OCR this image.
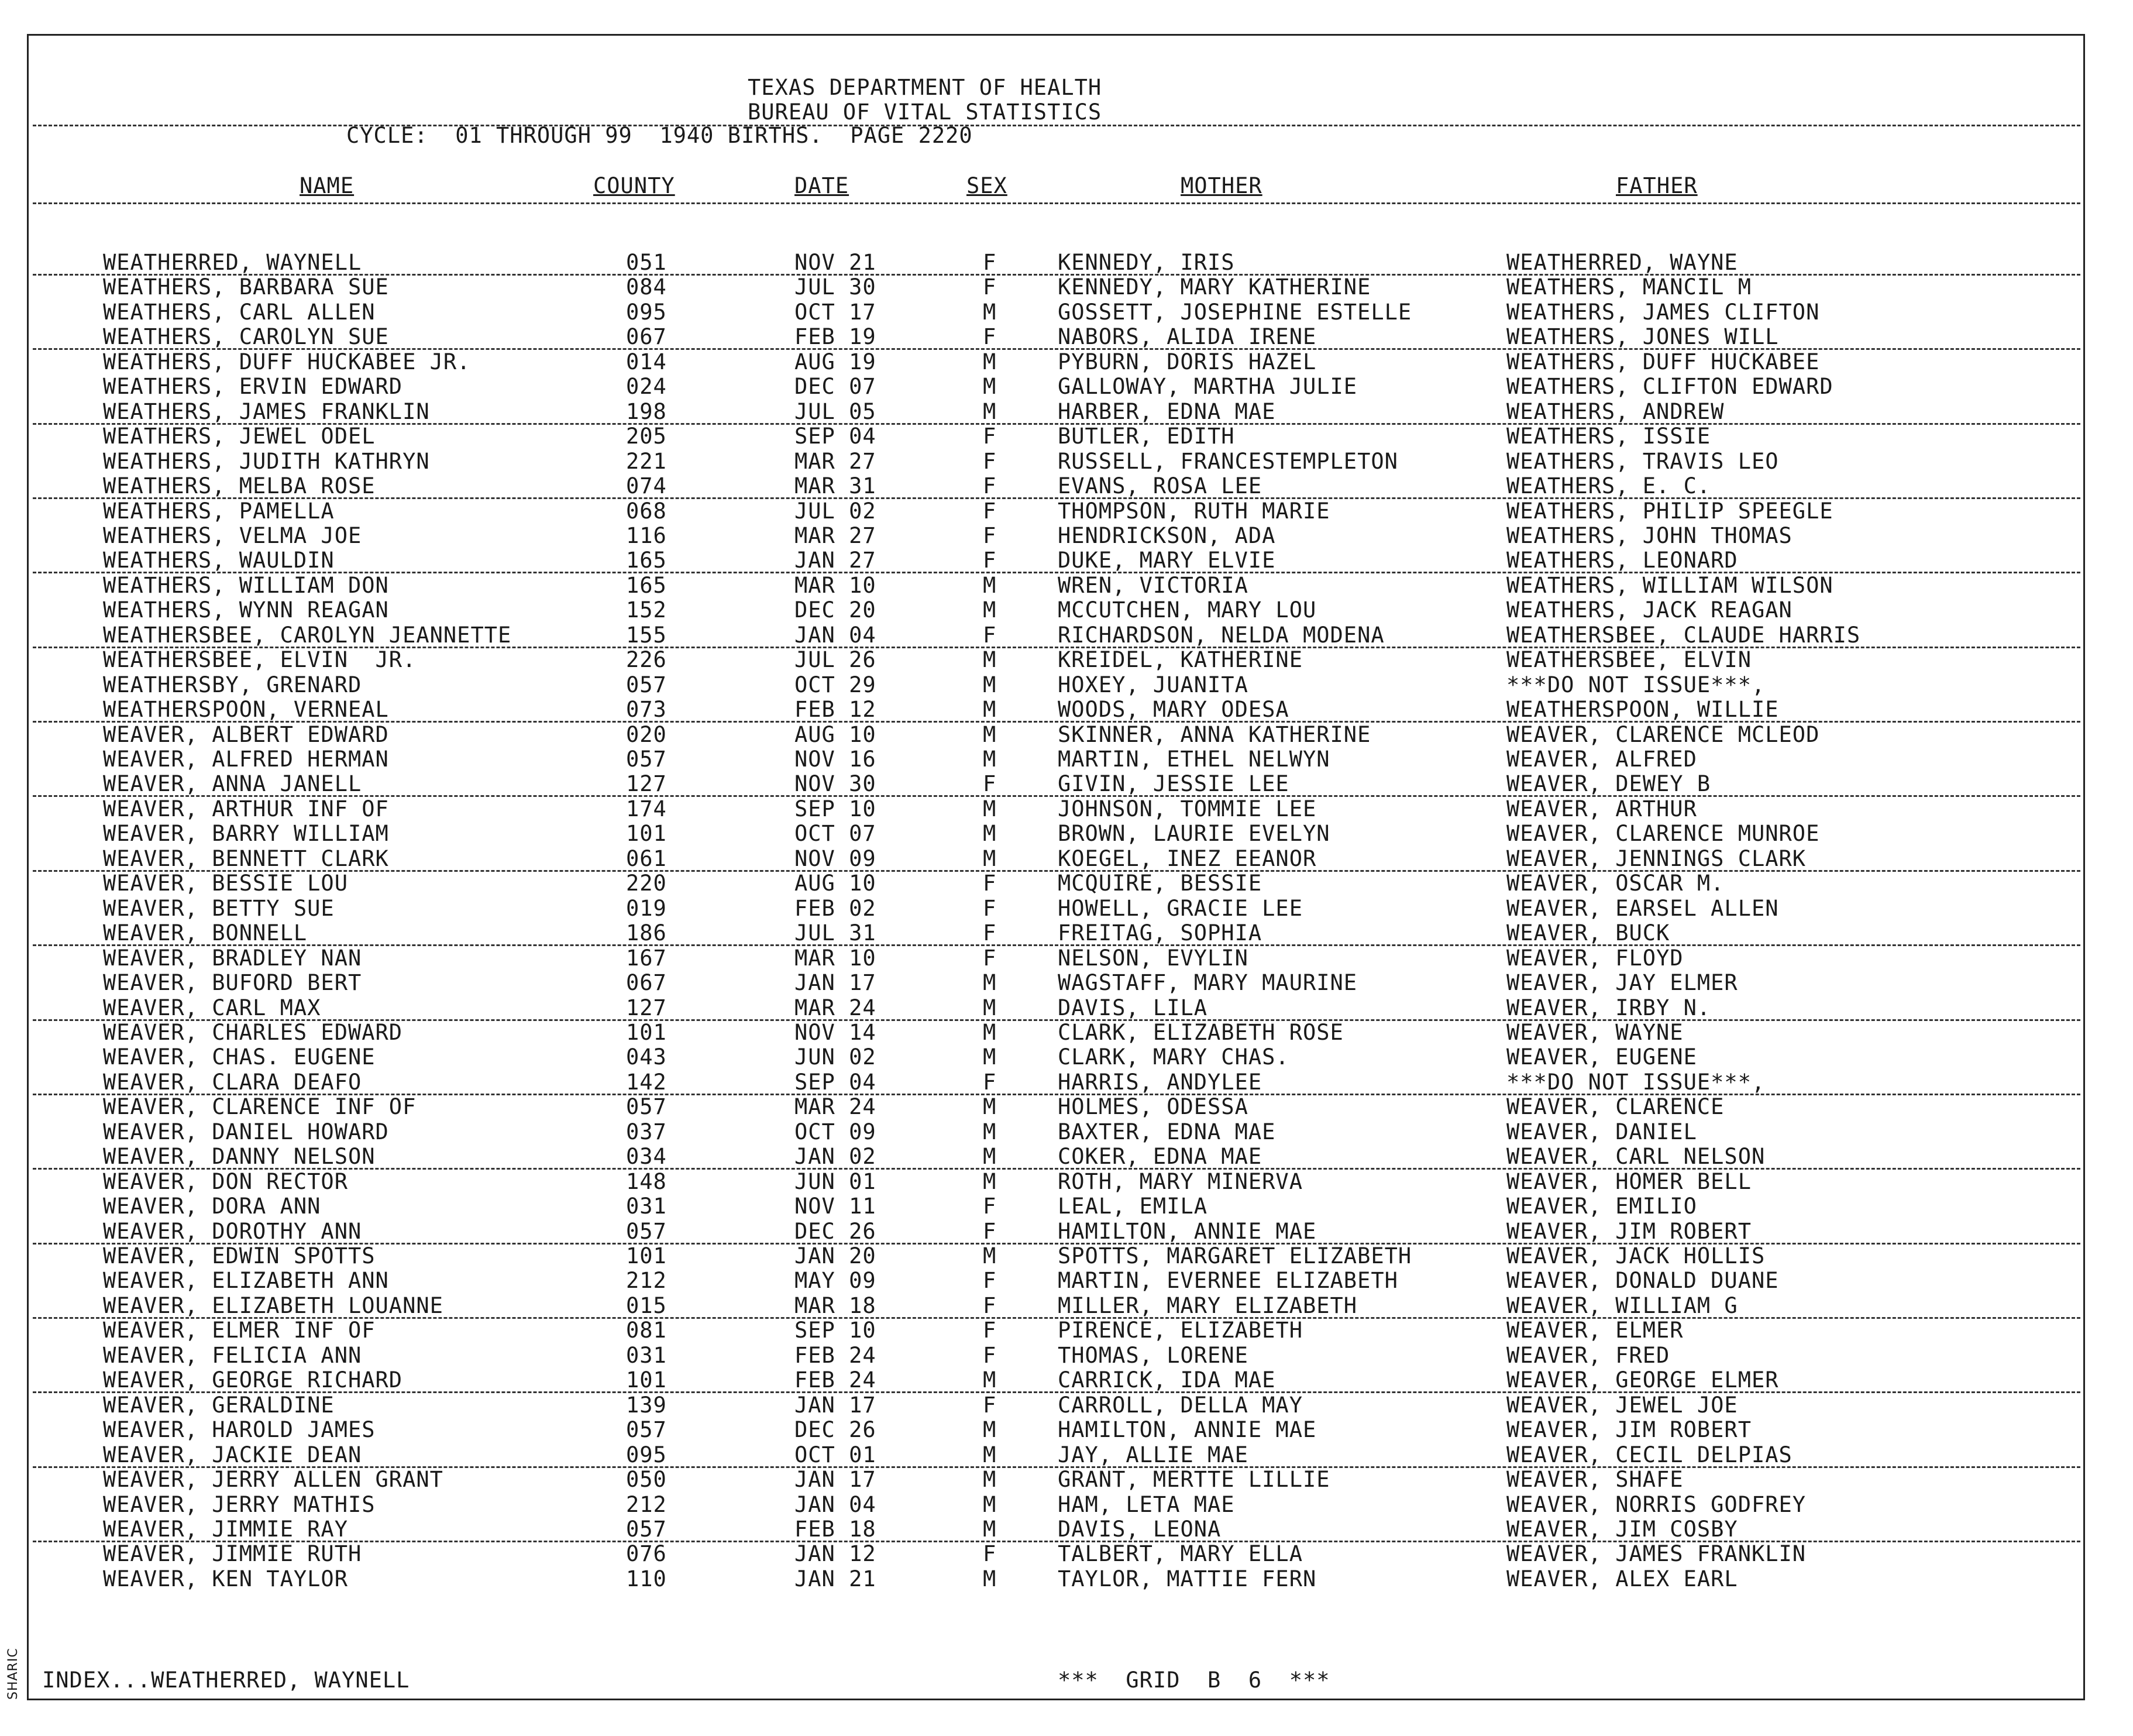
SHARIC
TEXAS DEPARTMENT OF HEALTH
BUREAU OF VITAL STATISTICS
CYCLE:  01 THROUGH 99  1940 BIRTHS.  PAGE 2220
NAME	COUNTY	DATE	SEX	MOTHER	FATHER
WEATHERRED, WAYNELL	051	NOV 21	F	KENNEDY, IRIS	WEATHERRED, WAYNE
WEATHERS, BARBARA SUE	084	JUL 30	F	KENNEDY, MARY KATHERINE	WEATHERS, MANCIL M
WEATHERS, CARL ALLEN	095	OCT 17	M	GOSSETT, JOSEPHINE ESTELLE	WEATHERS, JAMES CLIFTON
WEATHERS, CAROLYN SUE	067	FEB 19	F	NABORS, ALIDA IRENE	WEATHERS, JONES WILL
WEATHERS, DUFF HUCKABEE JR.	014	AUG 19	M	PYBURN, DORIS HAZEL	WEATHERS, DUFF HUCKABEE
WEATHERS, ERVIN EDWARD	024	DEC 07	M	GALLOWAY, MARTHA JULIE	WEATHERS, CLIFTON EDWARD
WEATHERS, JAMES FRANKLIN	198	JUL 05	M	HARBER, EDNA MAE	WEATHERS, ANDREW
WEATHERS, JEWEL ODEL	205	SEP 04	F	BUTLER, EDITH	WEATHERS, ISSIE
WEATHERS, JUDITH KATHRYN	221	MAR 27	F	RUSSELL, FRANCESTEMPLETON	WEATHERS, TRAVIS LEO
WEATHERS, MELBA ROSE	074	MAR 31	F	EVANS, ROSA LEE	WEATHERS, E. C.
WEATHERS, PAMELLA	068	JUL 02	F	THOMPSON, RUTH MARIE	WEATHERS, PHILIP SPEEGLE
WEATHERS, VELMA JOE	116	MAR 27	F	HENDRICKSON, ADA	WEATHERS, JOHN THOMAS
WEATHERS, WAULDIN	165	JAN 27	F	DUKE, MARY ELVIE	WEATHERS, LEONARD
WEATHERS, WILLIAM DON	165	MAR 10	M	WREN, VICTORIA	WEATHERS, WILLIAM WILSON
WEATHERS, WYNN REAGAN	152	DEC 20	M	MCCUTCHEN, MARY LOU	WEATHERS, JACK REAGAN
WEATHERSBEE, CAROLYN JEANNETTE	155	JAN 04	F	RICHARDSON, NELDA MODENA	WEATHERSBEE, CLAUDE HARRIS
WEATHERSBEE, ELVIN  JR.	226	JUL 26	M	KREIDEL, KATHERINE	WEATHERSBEE, ELVIN
WEATHERSBY, GRENARD	057	OCT 29	M	HOXEY, JUANITA	***DO NOT ISSUE***,
WEATHERSPOON, VERNEAL	073	FEB 12	M	WOODS, MARY ODESA	WEATHERSPOON, WILLIE
WEAVER, ALBERT EDWARD	020	AUG 10	M	SKINNER, ANNA KATHERINE	WEAVER, CLARENCE MCLEOD
WEAVER, ALFRED HERMAN	057	NOV 16	M	MARTIN, ETHEL NELWYN	WEAVER, ALFRED
WEAVER, ANNA JANELL	127	NOV 30	F	GIVIN, JESSIE LEE	WEAVER, DEWEY B
WEAVER, ARTHUR INF OF	174	SEP 10	M	JOHNSON, TOMMIE LEE	WEAVER, ARTHUR
WEAVER, BARRY WILLIAM	101	OCT 07	M	BROWN, LAURIE EVELYN	WEAVER, CLARENCE MUNROE
WEAVER, BENNETT CLARK	061	NOV 09	M	KOEGEL, INEZ EEANOR	WEAVER, JENNINGS CLARK
WEAVER, BESSIE LOU	220	AUG 10	F	MCQUIRE, BESSIE	WEAVER, OSCAR M.
WEAVER, BETTY SUE	019	FEB 02	F	HOWELL, GRACIE LEE	WEAVER, EARSEL ALLEN
WEAVER, BONNELL	186	JUL 31	F	FREITAG, SOPHIA	WEAVER, BUCK
WEAVER, BRADLEY NAN	167	MAR 10	F	NELSON, EVYLIN	WEAVER, FLOYD
WEAVER, BUFORD BERT	067	JAN 17	M	WAGSTAFF, MARY MAURINE	WEAVER, JAY ELMER
WEAVER, CARL MAX	127	MAR 24	M	DAVIS, LILA	WEAVER, IRBY N.
WEAVER, CHARLES EDWARD	101	NOV 14	M	CLARK, ELIZABETH ROSE	WEAVER, WAYNE
WEAVER, CHAS. EUGENE	043	JUN 02	M	CLARK, MARY CHAS.	WEAVER, EUGENE
WEAVER, CLARA DEAFO	142	SEP 04	F	HARRIS, ANDYLEE	***DO NOT ISSUE***,
WEAVER, CLARENCE INF OF	057	MAR 24	M	HOLMES, ODESSA	WEAVER, CLARENCE
WEAVER, DANIEL HOWARD	037	OCT 09	M	BAXTER, EDNA MAE	WEAVER, DANIEL
WEAVER, DANNY NELSON	034	JAN 02	M	COKER, EDNA MAE	WEAVER, CARL NELSON
WEAVER, DON RECTOR	148	JUN 01	M	ROTH, MARY MINERVA	WEAVER, HOMER BELL
WEAVER, DORA ANN	031	NOV 11	F	LEAL, EMILA	WEAVER, EMILIO
WEAVER, DOROTHY ANN	057	DEC 26	F	HAMILTON, ANNIE MAE	WEAVER, JIM ROBERT
WEAVER, EDWIN SPOTTS	101	JAN 20	M	SPOTTS, MARGARET ELIZABETH	WEAVER, JACK HOLLIS
WEAVER, ELIZABETH ANN	212	MAY 09	F	MARTIN, EVERNEE ELIZABETH	WEAVER, DONALD DUANE
WEAVER, ELIZABETH LOUANNE	015	MAR 18	F	MILLER, MARY ELIZABETH	WEAVER, WILLIAM G
WEAVER, ELMER INF OF	081	SEP 10	F	PIRENCE, ELIZABETH	WEAVER, ELMER
WEAVER, FELICIA ANN	031	FEB 24	F	THOMAS, LORENE	WEAVER, FRED
WEAVER, GEORGE RICHARD	101	FEB 24	M	CARRICK, IDA MAE	WEAVER, GEORGE ELMER
WEAVER, GERALDINE	139	JAN 17	F	CARROLL, DELLA MAY	WEAVER, JEWEL JOE
WEAVER, HAROLD JAMES	057	DEC 26	M	HAMILTON, ANNIE MAE	WEAVER, JIM ROBERT
WEAVER, JACKIE DEAN	095	OCT 01	M	JAY, ALLIE MAE	WEAVER, CECIL DELPIAS
WEAVER, JERRY ALLEN GRANT	050	JAN 17	M	GRANT, MERTTE LILLIE	WEAVER, SHAFE
WEAVER, JERRY MATHIS	212	JAN 04	M	HAM, LETA MAE	WEAVER, NORRIS GODFREY
WEAVER, JIMMIE RAY	057	FEB 18	M	DAVIS, LEONA	WEAVER, JIM COSBY
WEAVER, JIMMIE RUTH	076	JAN 12	F	TALBERT, MARY ELLA	WEAVER, JAMES FRANKLIN
WEAVER, KEN TAYLOR	110	JAN 21	M	TAYLOR, MATTIE FERN	WEAVER, ALEX EARL
INDEX...WEATHERRED, WAYNELL	***  GRID  B  6  ***
